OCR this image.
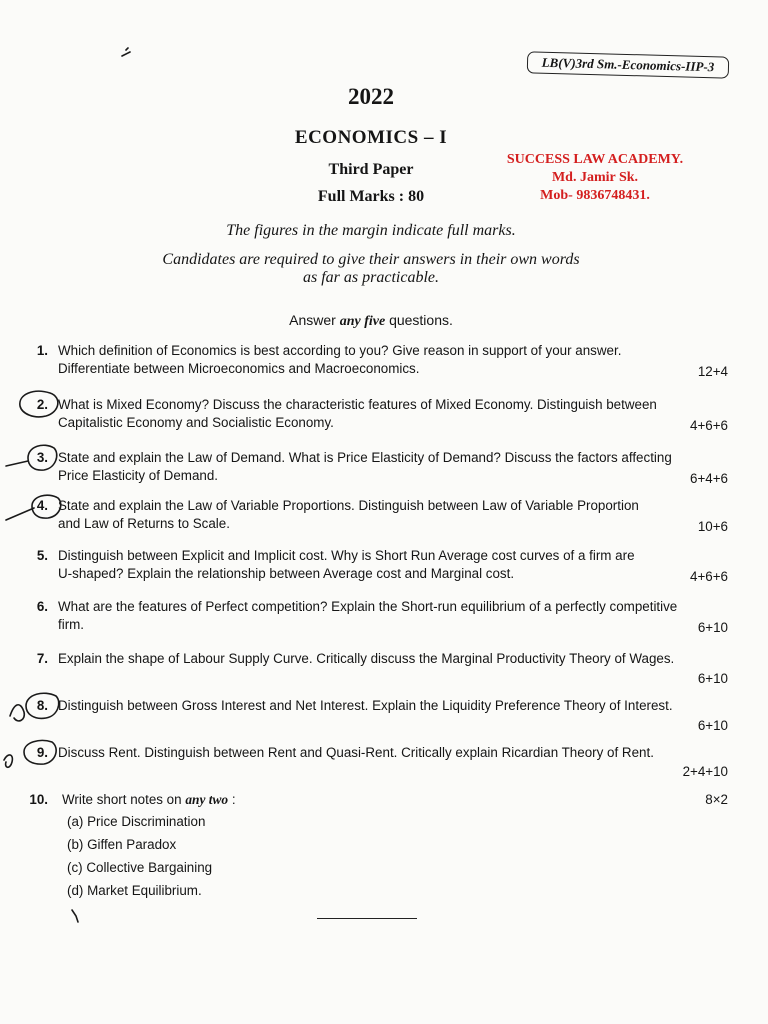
LB(V)3rd Sm.-Economics-IIP-3
2022
ECONOMICS – I
Third Paper
Full Marks : 80
SUCCESS LAW ACADEMY.
Md. Jamir Sk.
Mob- 9836748431.
The figures in the margin indicate full marks.
Candidates are required to give their answers in their own words
as far as practicable.
Answer any five questions.
1. Which definition of Economics is best according to you? Give reason in support of your answer.
Differentiate between Microeconomics and Macroeconomics.	12+4
2. What is Mixed Economy? Discuss the characteristic features of Mixed Economy. Distinguish between
Capitalistic Economy and Socialistic Economy.	4+6+6
3. State and explain the Law of Demand. What is Price Elasticity of Demand? Discuss the factors affecting
Price Elasticity of Demand.	6+4+6
4. State and explain the Law of Variable Proportions. Distinguish between Law of Variable Proportion
and Law of Returns to Scale.	10+6
5. Distinguish between Explicit and Implicit cost. Why is Short Run Average cost curves of a firm are
U-shaped? Explain the relationship between Average cost and Marginal cost.	4+6+6
6. What are the features of Perfect competition? Explain the Short-run equilibrium of a perfectly competitive
firm.	6+10
7. Explain the shape of Labour Supply Curve. Critically discuss the Marginal Productivity Theory of Wages.
6+10
8. Distinguish between Gross Interest and Net Interest. Explain the Liquidity Preference Theory of Interest.
6+10
9. Discuss Rent. Distinguish between Rent and Quasi-Rent. Critically explain Ricardian Theory of Rent.
2+4+10
10. Write short notes on any two :	8×2
(a) Price Discrimination
(b) Giffen Paradox
(c) Collective Bargaining
(d) Market Equilibrium.
